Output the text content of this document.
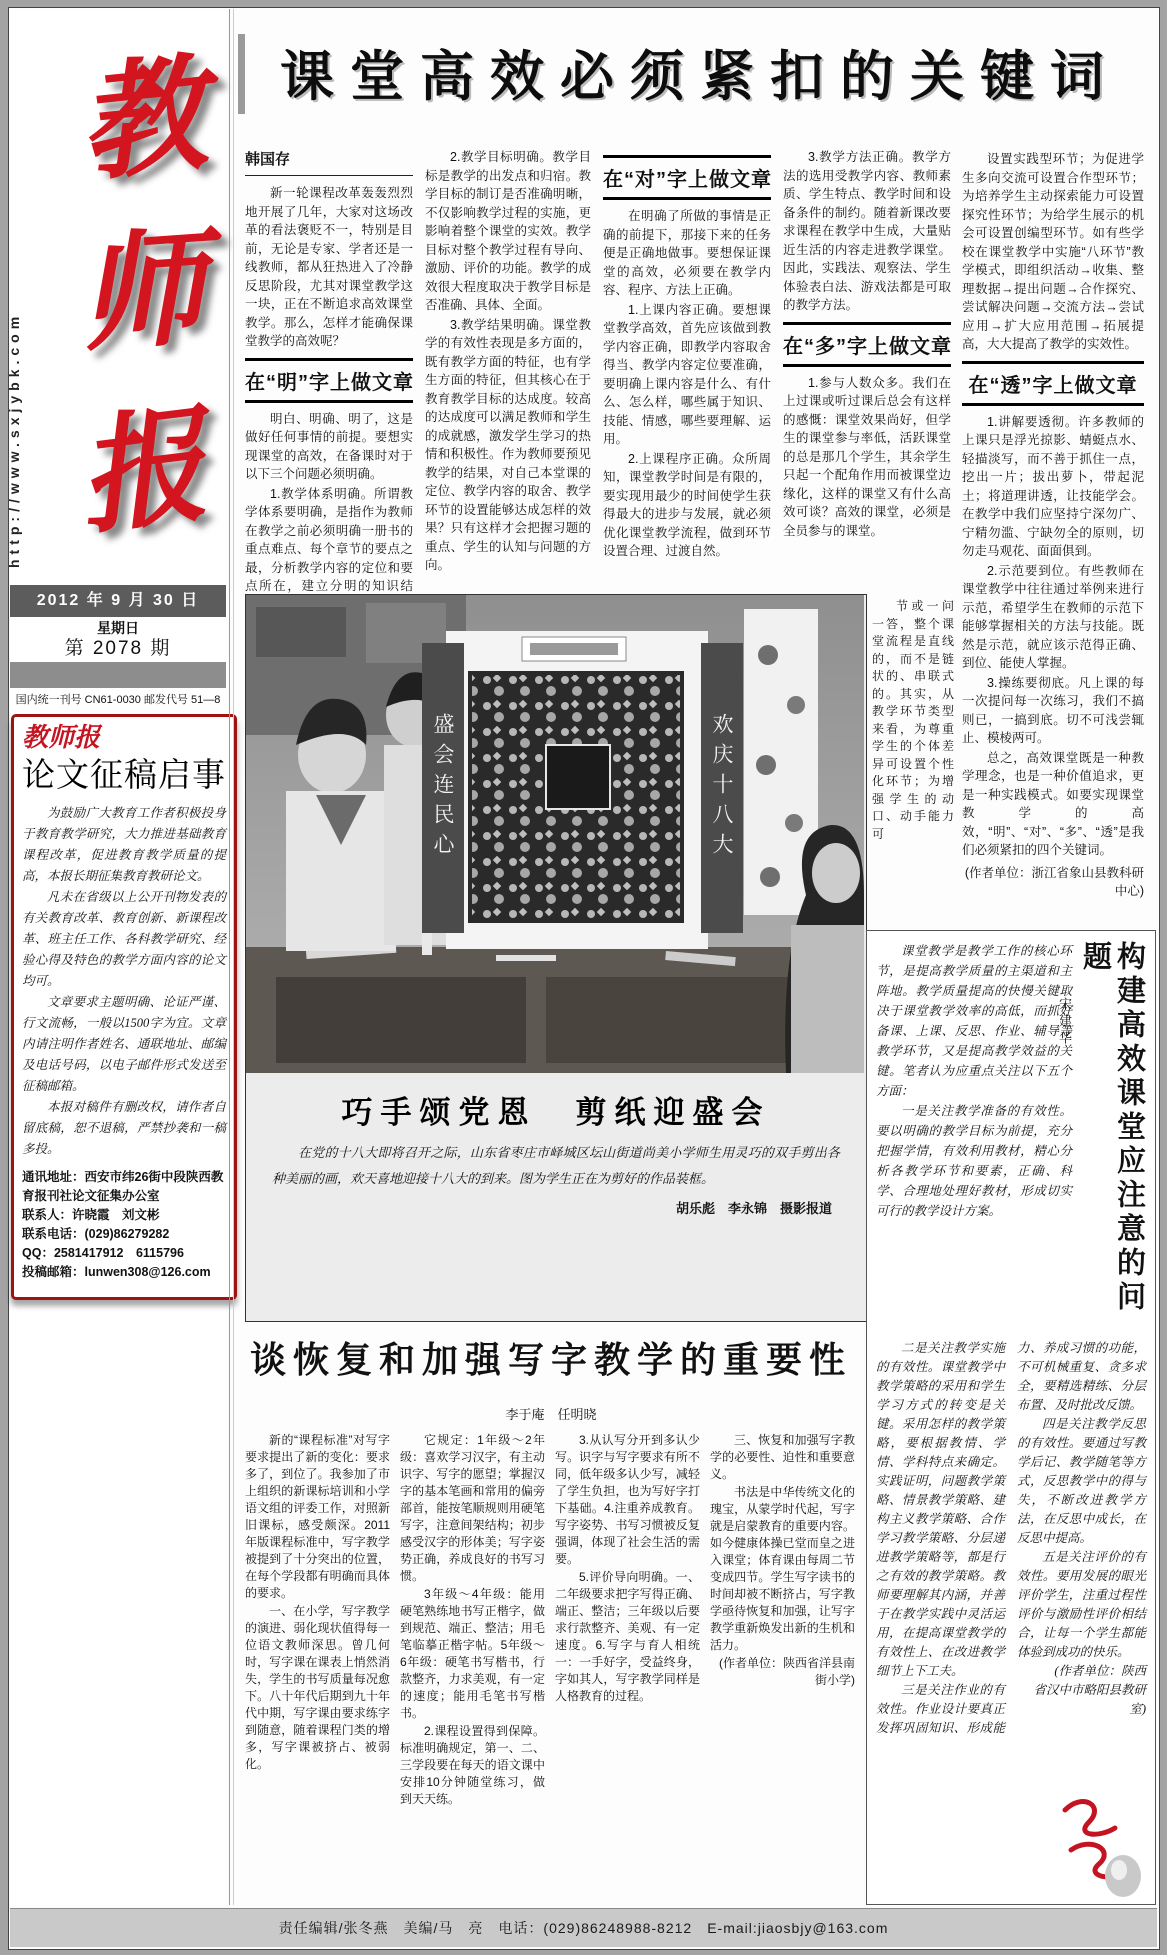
教
师
报
http://www.sxjybk.com
2012 年 9 月 30 日
星期日
第 2078 期
国内统一刊号 CN61-0030 邮发代号 51—8
教师报
论文征稿启事

为鼓励广大教育工作者积极投身于教育教学研究，大力推进基础教育课程改革，促进教育教学质量的提高，本报长期征集教育教研论文。

凡未在省级以上公开刊物发表的有关教育改革、教育创新、新课程改革、班主任工作、各科教学研究、经验心得及特色的教学方面内容的论文均可。

文章要求主题明确、论证严谨、行文流畅，一般以1500字为宜。文章内请注明作者姓名、通联地址、邮编及电话号码，以电子邮件形式发送至征稿邮箱。

本报对稿件有删改权，请作者自留底稿，恕不退稿，严禁抄袭和一稿多投。

通讯地址：西安市纬26街中段陕西教育报刊社论文征集办公室
联系人：许晓霞　刘文彬
联系电话：(029)86279282
QQ：2581417912　6115796
投稿邮箱：lunwen308@126.com
课堂高效必须紧扣的关键词
韩国存

新一轮课程改革轰轰烈烈地开展了几年，大家对这场改革的看法褒贬不一，特别是目前，无论是专家、学者还是一线教师，都从狂热进入了冷静反思阶段，尤其对课堂教学这一块，正在不断追求高效课堂教学。那么，怎样才能确保课堂教学的高效呢？

在“明”字上做文章

明白、明确、明了，这是做好任何事情的前提。要想实现课堂的高效，在备课时对于以下三个问题必须明确。

1.教学体系明确。所谓教学体系要明确，是指作为教师在教学之前必须明确一册书的重点难点、每个章节的要点之最，分析教学内容的定位和要点所在，建立分明的知识结

2.教学目标明确。教学目标是教学的出发点和归宿。教学目标的制订是否准确明晰，不仅影响教学过程的实施，更影响着整个课堂的实效。教学目标对整个教学过程有导向、激励、评价的功能。教学的成效很大程度取决于教学目标是否准确、具体、全面。

3.教学结果明确。课堂教学的有效性表现是多方面的，既有教学方面的特征，也有学生方面的特征，但其核心在于教育教学目标的达成度。较高的达成度可以满足教师和学生的成就感，激发学生学习的热情和积极性。作为教师要预见教学的结果，对自己本堂课的定位、教学内容的取舍、教学环节的设置能够达成怎样的效果？只有这样才会把握习题的重点、学生的认知与问题的方向。

在“对”字上做文章

在明确了所做的事情是正确的前提下，那接下来的任务便是正确地做事。要想保证课堂的高效，必须要在教学内容、程序、方法上正确。

1.上课内容正确。要想课堂教学高效，首先应该做到教学内容正确，即教学内容取舍得当、教学内容定位要准确，要明确上课内容是什么、有什么、怎么样，哪些属于知识、技能、情感，哪些要理解、运用。

2.上课程序正确。众所周知，课堂教学时间是有限的，要实现用最少的时间使学生获得最大的进步与发展，就必须优化课堂教学流程，做到环节设置合理、过渡自然。

3.教学方法正确。教学方法的选用受教学内容、教师素质、学生特点、教学时间和设备条件的制约。随着新课改要求课程在教学中生成，大量贴近生活的内容走进教学课堂。因此，实践法、观察法、学生体验表白法、游戏法都是可取的教学方法。

在“多”字上做文章

1.参与人数众多。我们在上过课或听过课后总会有这样的感慨：课堂效果尚好，但学生的课堂参与率低，活跃课堂的总是那几个学生，其余学生只起一个配角作用而被课堂边缘化，这样的课堂又有什么高效可谈？高效的课堂，必须是全员参与的课堂。

节或一问一答，整个课堂流程是直线的，而不是链状的、串联式的。其实，从教学环节类型来看，为尊重学生的个体差异可设置个性化环节；为增强学生的动口、动手能力可

设置实践型环节；为促进学生多向交流可设置合作型环节；为培养学生主动探索能力可设置探究性环节；为给学生展示的机会可设置创编型环节。如有些学校在课堂教学中实施“八环节”教学模式，即组织活动→收集、整理数据→提出问题→合作探究、尝试解决问题→交流方法→尝试应用→扩大应用范围→拓展提高，大大提高了教学的实效性。

在“透”字上做文章

1.讲解要透彻。许多教师的上课只是浮光掠影、蜻蜓点水、轻描淡写，而不善于抓住一点，挖出一片；拔出萝卜，带起泥土；将道理讲透，让技能学会。在教学中我们应坚持宁深勿广、宁精勿滥、宁缺勿全的原则，切勿走马观花、面面俱到。

2.示范要到位。有些教师在课堂教学中往往通过举例来进行示范，希望学生在教师的示范下能够掌握相关的方法与技能。既然是示范，就应该示范得正确、到位、能使人掌握。

3.操练要彻底。凡上课的每一次提问每一次练习，我们不搞则已，一搞到底。切不可浅尝辄止、模棱两可。

总之，高效课堂既是一种教学理念，也是一种价值追求，更是一种实践模式。如要实现课堂教学的高效，“明”、“对”、“多”、“透”是我们必须紧扣的四个关键词。

(作者单位：浙江省象山县教科研中心)
盛会连民心	欢庆十八大
巧手颂党恩　剪纸迎盛会
在党的十八大即将召开之际，山东省枣庄市峄城区坛山街道尚美小学师生用灵巧的双手剪出各种美丽的画，欢天喜地迎接十八大的到来。图为学生正在为剪好的作品装框。
胡乐彪　李永锦　摄影报道
谈恢复和加强写字教学的重要性
李于庵　任明晓

新的“课程标准”对写字要求提出了新的变化：要求多了，到位了。我参加了市上组织的新课标培训和小学语文组的评委工作，对照新旧课标，感受颇深。2011年版课程标准中，写字教学被提到了十分突出的位置，在每个学段都有明确而具体的要求。

一、在小学，写字教学的演进、弱化现状值得每一位语文教师深思。曾几何时，写字课在课表上悄然消失，学生的书写质量每况愈下。八十年代后期到九十年代中期，写字课由要求练字到随意，随着课程门类的增多，写字课被挤占、被弱化。

它规定：1年级～2年级：喜欢学习汉字，有主动识字、写字的愿望；掌握汉字的基本笔画和常用的偏旁部首，能按笔顺规则用硬笔写字，注意间架结构；初步感受汉字的形体美；写字姿势正确，养成良好的书写习惯。

3年级～4年级：能用硬笔熟练地书写正楷字，做到规范、端正、整洁；用毛笔临摹正楷字帖。5年级～6年级：硬笔书写楷书，行款整齐，力求美观，有一定的速度；能用毛笔书写楷书。

2.课程设置得到保障。标准明确规定，第一、二、三学段要在每天的语文课中安排10分钟随堂练习，做到天天练。

3.从认写分开到多认少写。识字与写字要求有所不同，低年级多认少写，减轻了学生负担，也为写好字打下基础。4.注重养成教育。写字姿势、书写习惯被反复强调，体现了社会生活的需要。

5.评价导向明确。一、二年级要求把字写得正确、端正、整洁；三年级以后要求行款整齐、美观、有一定速度。6.写字与育人相统一：一手好字，受益终身，字如其人，写字教学同样是人格教育的过程。

三、恢复和加强写字教学的必要性、迫性和重要意义。

书法是中华传统文化的瑰宝，从蒙学时代起，写字就是启蒙教育的重要内容。如今健康体操已堂而皇之进入课堂；体育课由每周二节变成四节。学生写字读书的时间却被不断挤占，写字教学亟待恢复和加强，让写字教学重新焕发出新的生机和活力。

(作者单位：陕西省洋县南街小学)

课堂教学是教学工作的核心环节，是提高教学质量的主渠道和主阵地。教学质量提高的快慢关键取决于课堂教学效率的高低，而抓好备课、上课、反思、作业、辅导等教学环节，又是提高教学效益的关键。笔者认为应重点关注以下五个方面：

一是关注教学准备的有效性。要以明确的教学目标为前提，充分把握学情，有效利用教材，精心分析各教学环节和要素，正确、科学、合理地处理好教材，形成切实可行的教学设计方案。

宋建华	构建高效课堂应注意的问题

二是关注教学实施的有效性。课堂教学中教学策略的采用和学生学习方式的转变是关键。采用怎样的教学策略，要根据教情、学情、学科特点来确定。实践证明，问题教学策略、情景教学策略、建构主义教学策略、合作学习教学策略、分层递进教学策略等，都是行之有效的教学策略。教师要理解其内涵，并善于在教学实践中灵活运用，在提高课堂教学的有效性上、在改进教学细节上下工夫。

三是关注作业的有效性。作业设计要真正发挥巩固知识、形成能力、养成习惯的功能，不可机械重复、贪多求全，要精选精练、分层布置、及时批改反馈。

四是关注教学反思的有效性。要通过写教学后记、教学随笔等方式，反思教学中的得与失，不断改进教学方法，在反思中成长，在反思中提高。

五是关注评价的有效性。要用发展的眼光评价学生，注重过程性评价与激励性评价相结合，让每一个学生都能体验到成功的快乐。

(作者单位：陕西省汉中市略阳县教研室)

责任编辑/张冬燕　美编/马　亮　电话：(029)86248988-8212　E-mail:jiaosbjy@163.com
